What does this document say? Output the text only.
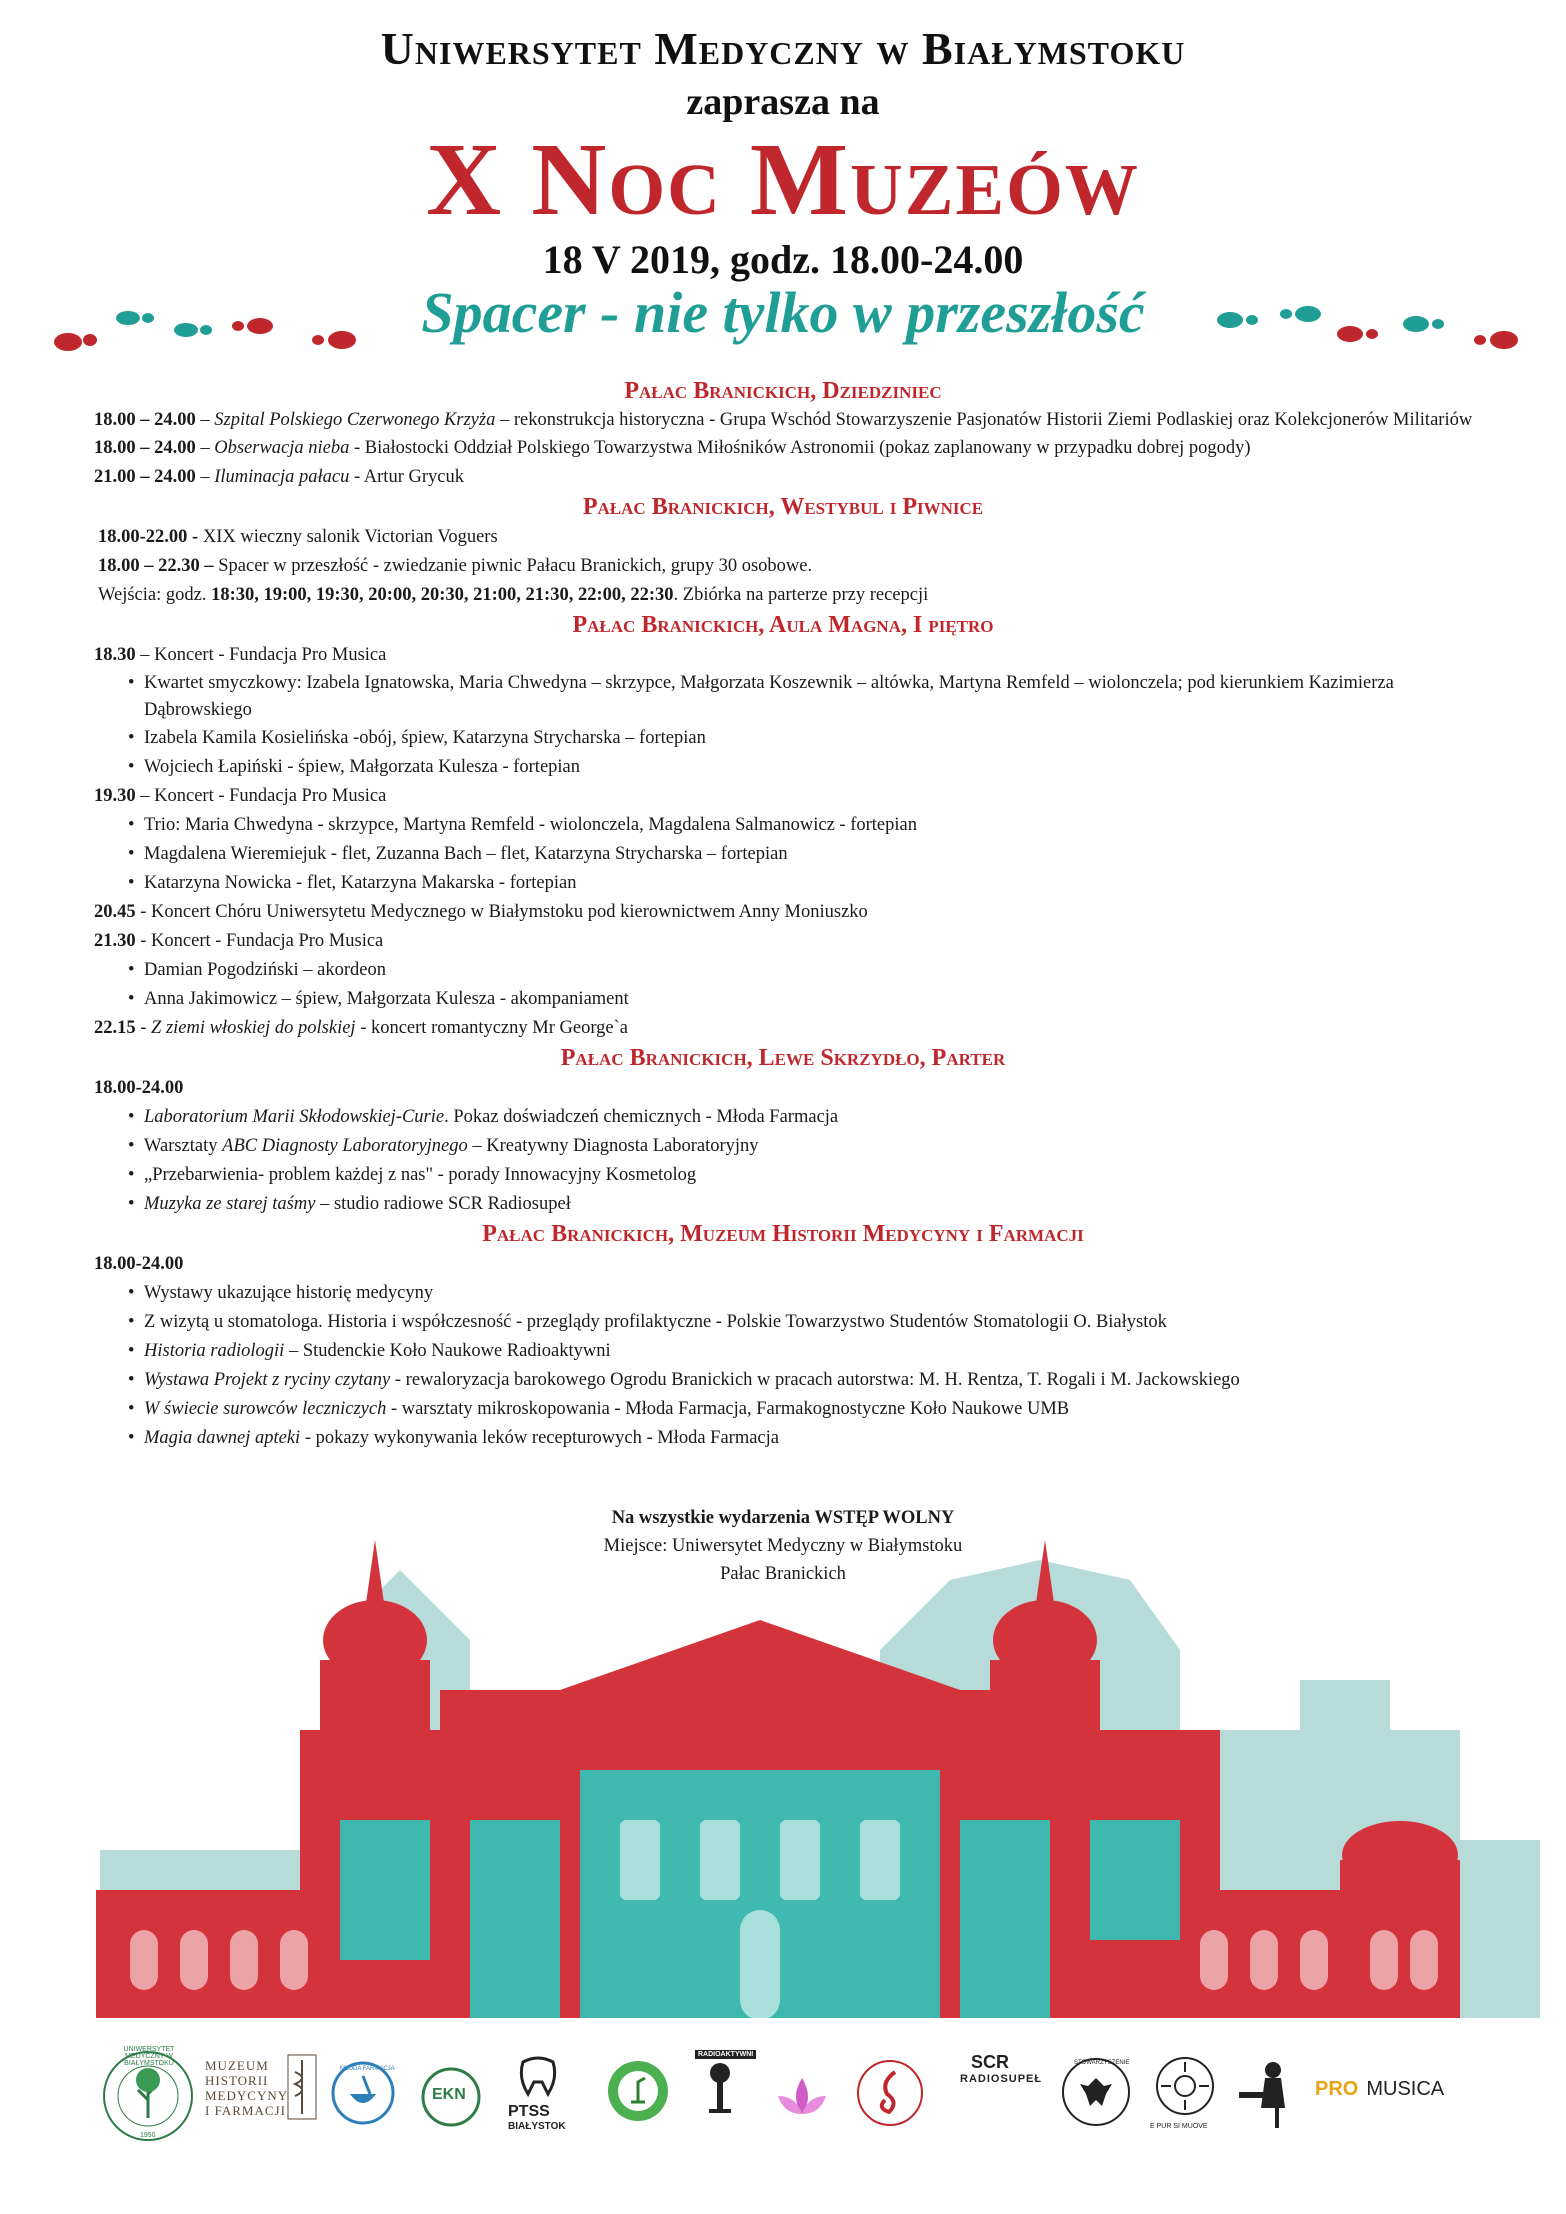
Uniwersytet Medyczny w Białymstoku
zaprasza na
X Noc Muzeów
18 V 2019, godz. 18.00-24.00
Spacer - nie tylko w przeszłość
Pałac Branickich, Dziedziniec
18.00 – 24.00 – Szpital Polskiego Czerwonego Krzyża – rekonstrukcja historyczna - Grupa Wschód Stowarzyszenie Pasjonatów Historii Ziemi Podlaskiej oraz Kolekcjonerów Militariów
18.00 – 24.00 – Obserwacja nieba - Białostocki Oddział Polskiego Towarzystwa Miłośników Astronomii (pokaz zaplanowany w przypadku dobrej pogody)
21.00 – 24.00 – Iluminacja pałacu - Artur Grycuk
Pałac Branickich, Westybul i Piwnice
18.00-22.00 - XIX wieczny salonik Victorian Voguers
18.00 – 22.30 – Spacer w przeszłość - zwiedzanie piwnic Pałacu Branickich, grupy 30 osobowe.
Wejścia: godz. 18:30, 19:00, 19:30, 20:00, 20:30, 21:00, 21:30, 22:00, 22:30. Zbiórka na parterze przy recepcji
Pałac Branickich, Aula Magna, I piętro
18.30 – Koncert - Fundacja Pro Musica
• Kwartet smyczkowy: Izabela Ignatowska, Maria Chwedyna – skrzypce, Małgorzata Koszewnik – altówka, Martyna Remfeld – wiolonczela; pod kierunkiem Kazimierza Dąbrowskiego
• Izabela Kamila Kosielińska -obój, śpiew, Katarzyna Strycharska – fortepian
• Wojciech Łapiński - śpiew, Małgorzata Kulesza - fortepian
19.30 – Koncert - Fundacja Pro Musica
• Trio: Maria Chwedyna - skrzypce, Martyna Remfeld - wiolonczela, Magdalena Salmanowicz - fortepian
• Magdalena Wieremiejuk - flet, Zuzanna Bach – flet, Katarzyna Strycharska – fortepian
• Katarzyna Nowicka - flet, Katarzyna Makarska - fortepian
20.45 - Koncert Chóru Uniwersytetu Medycznego w Białymstoku pod kierownictwem Anny Moniuszko
21.30 - Koncert - Fundacja Pro Musica
• Damian Pogodziński – akordeon
• Anna Jakimowicz – śpiew, Małgorzata Kulesza - akompaniament
22.15 - Z ziemi włoskiej do polskiej - koncert romantyczny Mr George`a
Pałac Branickich, Lewe Skrzydło, Parter
18.00-24.00
• Laboratorium Marii Skłodowskiej-Curie. Pokaz doświadczeń chemicznych - Młoda Farmacja
• Warsztaty ABC Diagnosty Laboratoryjnego – Kreatywny Diagnosta Laboratoryjny
• „Przebarwienia- problem każdej z nas" - porady Innowacyjny Kosmetolog
• Muzyka ze starej taśmy – studio radiowe SCR Radiosupeł
Pałac Branickich, Muzeum Historii Medycyny i Farmacji
18.00-24.00
• Wystawy ukazujące historię medycyny
• Z wizytą u stomatologa. Historia i współczesność - przeglądy profilaktyczne - Polskie Towarzystwo Studentów Stomatologii O. Białystok
• Historia radiologii – Studenckie Koło Naukowe Radioaktywni
• Wystawa Projekt z ryciny czytany - rewaloryzacja barokowego Ogrodu Branickich w pracach autorstwa: M. H. Rentza, T. Rogali i M. Jackowskiego
• W świecie surowców leczniczych - warsztaty mikroskopowania - Młoda Farmacja, Farmakognostyczne Koło Naukowe UMB
• Magia dawnej apteki - pokazy wykonywania leków recepturowych - Młoda Farmacja
Na wszystkie wydarzenia WSTĘP WOLNY
Miejsce: Uniwersytet Medyczny w Białymstoku
Pałac Branickich
UNIWERSYTET MEDYCZNY W BIAŁYMSTOKU
1950
MUZEUM
HISTORII
MEDYCYNY
I FARMACJI
MŁODA FARMACJA
EKN
PTSS
BIAŁYSTOK
RADIOAKTYWNI	SCR
RADIOSUPEŁ
STOWARZYSZENIE
E PUR SI MUOVE
PRO MUSICA
